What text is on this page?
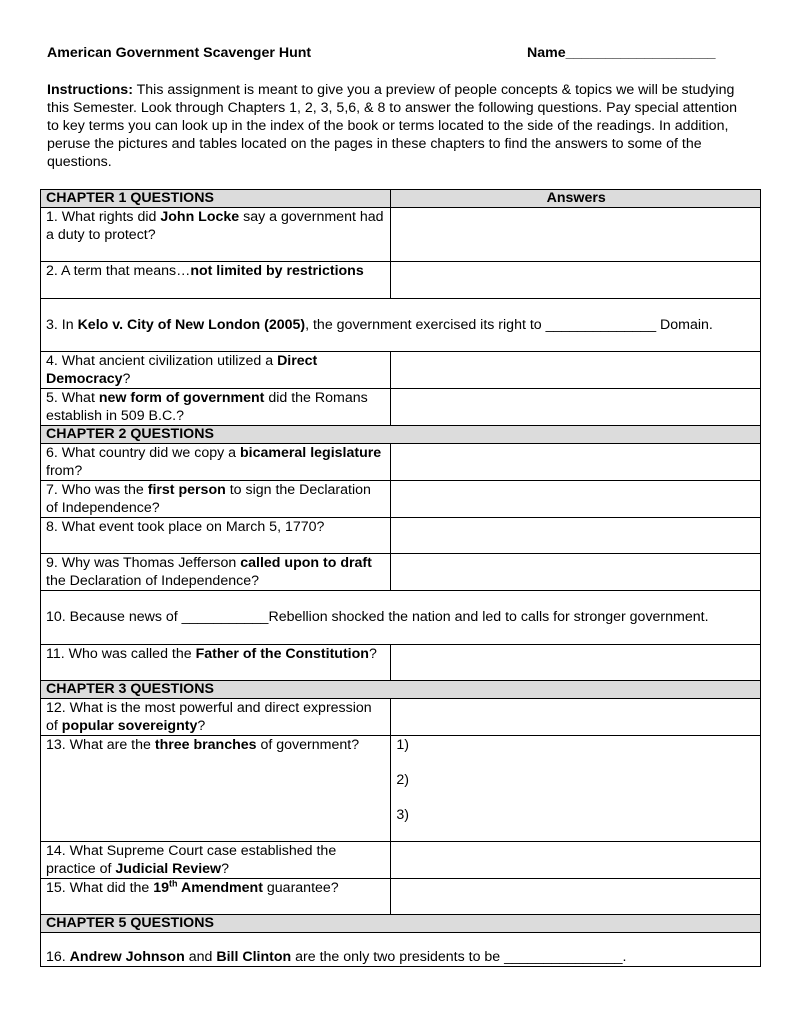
American Government Scavenger Hunt	Name___________________
Instructions: This assignment is meant to give you a preview of people concepts & topics we will be studying this Semester. Look through Chapters 1, 2, 3, 5,6, & 8 to answer the following questions. Pay special attention to key terms you can look up in the index of the book or terms located to the side of the readings. In addition, peruse the pictures and tables located on the pages in these chapters to find the answers to some of the questions.
CHAPTER 1 QUESTIONS	Answers
1. What rights did John Locke say a government had a duty to protect?	
2. A term that means…not limited by restrictions	
3. In Kelo v. City of New London (2005), the government exercised its right to ______________ Domain.	
4. What ancient civilization utilized a Direct Democracy?	
5. What new form of government did the Romans establish in 509 B.C.?	
CHAPTER 2 QUESTIONS	
6. What country did we copy a bicameral legislature from?	
7. Who was the first person to sign the Declaration of Independence?	
8. What event took place on March 5, 1770?	
9. Why was Thomas Jefferson called upon to draft the Declaration of Independence?	
10. Because news of ___________Rebellion shocked the nation and led to calls for stronger government.	
11. Who was called the Father of the Constitution?	
CHAPTER 3 QUESTIONS	
12. What is the most powerful and direct expression of popular sovereignty?	
13. What are the three branches of government?	1)
2)
3)

14. What Supreme Court case established the practice of Judicial Review?	
15. What did the 19th Amendment guarantee?	
CHAPTER 5 QUESTIONS	
16. Andrew Johnson and Bill Clinton are the only two presidents to be _______________.	
